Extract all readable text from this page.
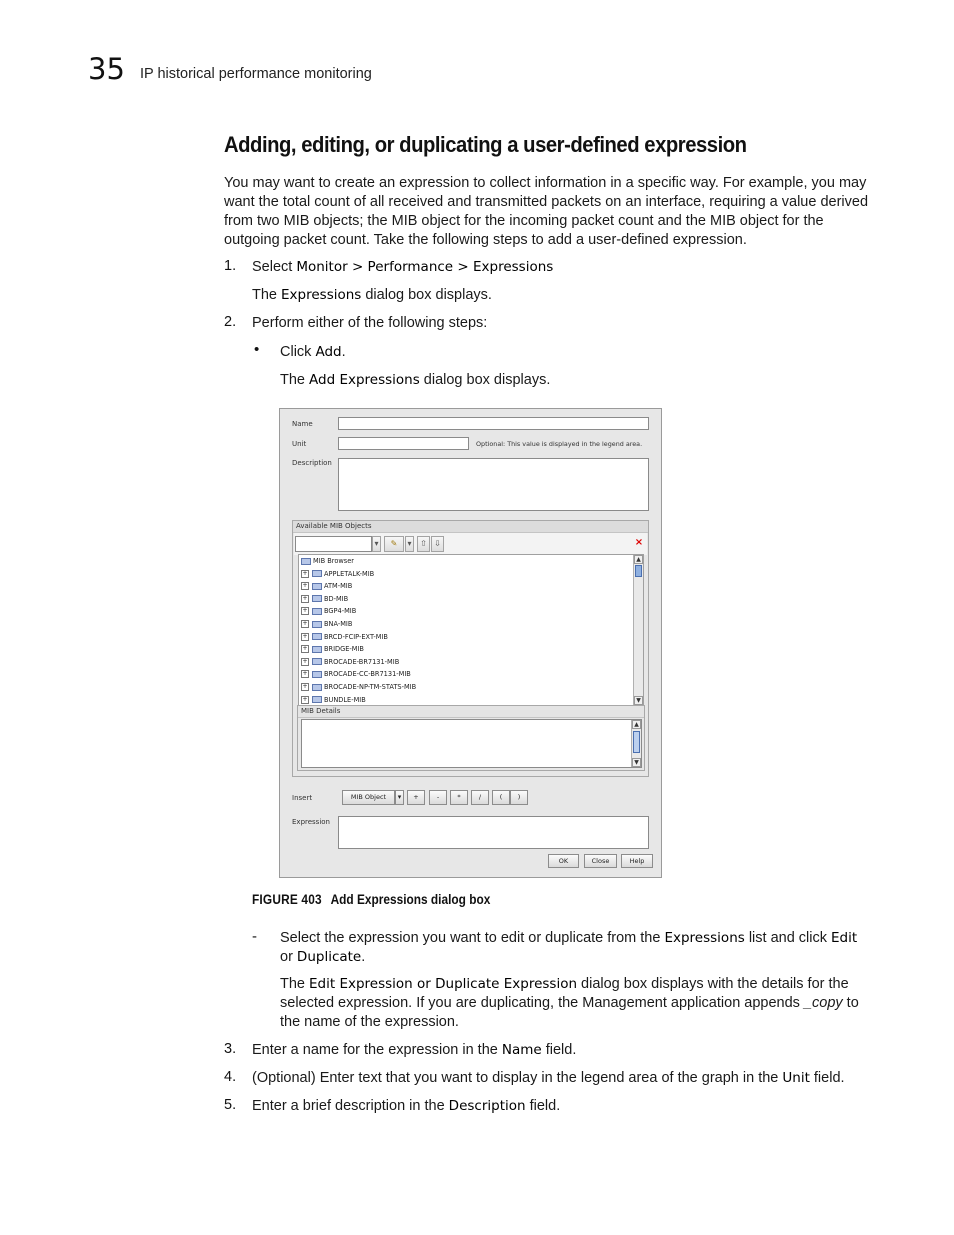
35 IP historical performance monitoring
Adding, editing, or duplicating a user-defined expression
You may want to create an expression to collect information in a specific way. For example, you may want the total count of all received and transmitted packets on an interface, requiring a value derived from two MIB objects; the MIB object for the incoming packet count and the MIB object for the outgoing packet count. Take the following steps to add a user-defined expression.
1. Select Monitor > Performance > Expressions
The Expressions dialog box displays.
2. Perform either of the following steps:
• Click Add.
The Add Expressions dialog box displays.
Name
Unit	Optional: This value is displayed in the legend area.
Description
Available MIB Objects
▾	✎	▾	⇧ ⇩	×
MIB Browser
+ APPLETALK-MIB
+ ATM-MIB
+ BD-MIB
+ BGP4-MIB
+ BNA-MIB
+ BRCD-FCIP-EXT-MIB
+ BRIDGE-MIB
+ BROCADE-BR7131-MIB
+ BROCADE-CC-BR7131-MIB
+ BROCADE-NP-TM-STATS-MIB
+ BUNDLE-MIB
▲
▼
MIB Details
▲
▼
Insert	MIB Object	▾	+	-	*	/	(	)
Expression
OK	Close	Help
FIGURE 403 Add Expressions dialog box
- Select the expression you want to edit or duplicate from the Expressions list and click Edit
or Duplicate.
The Edit Expression or Duplicate Expression dialog box displays with the details for the selected expression. If you are duplicating, the Management application appends _copy to the name of the expression.
3. Enter a name for the expression in the Name field.
4. (Optional) Enter text that you want to display in the legend area of the graph in the Unit field.
5. Enter a brief description in the Description field.
